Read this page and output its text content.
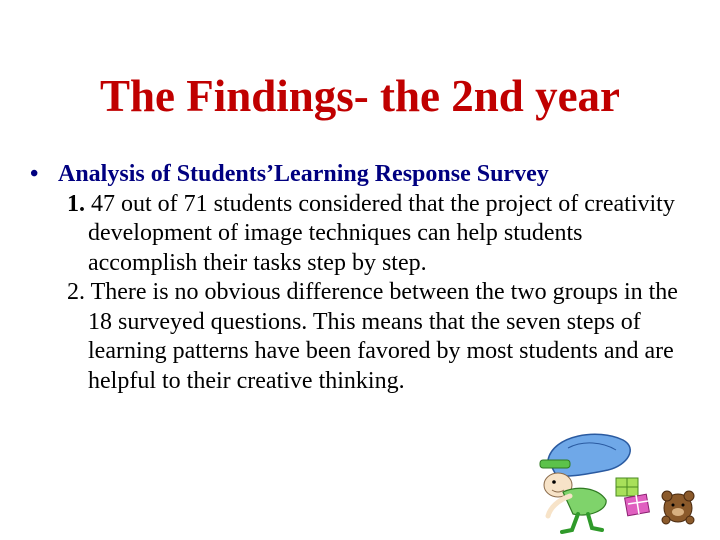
The Findings- the 2nd year
• Analysis of Students’Learning Response Survey

1. 47 out of 71 students considered that the project of creativity development of image techniques can help students accomplish their tasks step by step.

2. There is no obvious difference between the two groups in the 18 surveyed questions. This means that the seven steps of learning patterns have been favored by most students and are helpful to their creative thinking.
